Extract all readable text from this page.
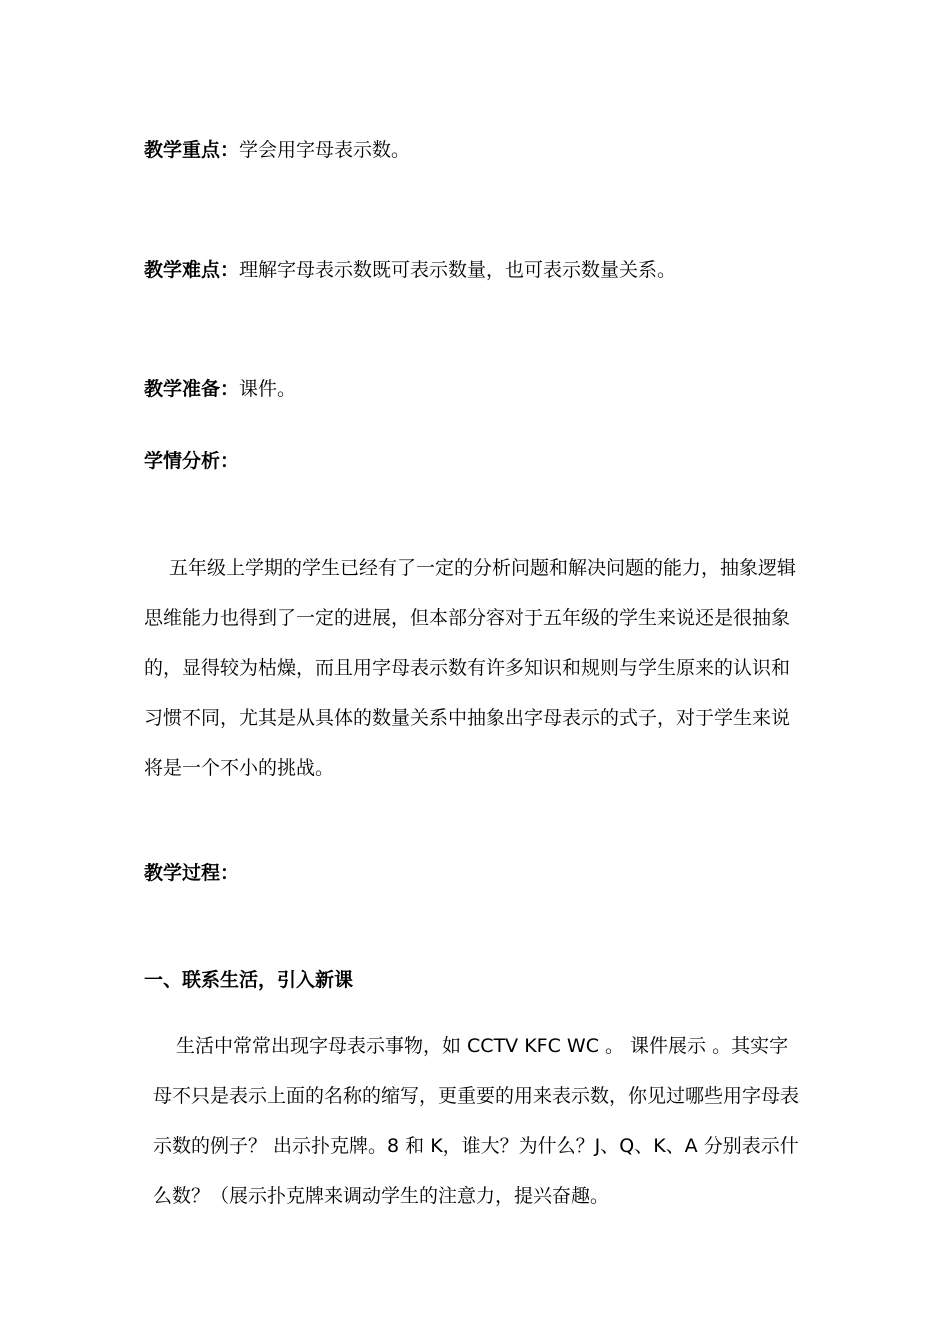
教学重点：学会用字母表示数。
教学难点：理解字母表示数既可表示数量，也可表示数量关系。
教学准备：课件。
学情分析：
五年级上学期的学生已经有了一定的分析问题和解决问题的能力，抽象逻辑
思维能力也得到了一定的进展，但本部分容对于五年级的学生来说还是很抽象
的，显得较为枯燥，而且用字母表示数有许多知识和规则与学生原来的认识和
习惯不同，尤其是从具体的数量关系中抽象出字母表示的式子，对于学生来说
将是一个不小的挑战。
教学过程：
一、联系生活，引入新课
生活中常常出现字母表示事物，如 CCTV KFC WC 。 课件展示 。其实字
母不只是表示上面的名称的缩写，更重要的用来表示数，你见过哪些用字母表
示数的例子？ 出示扑克牌。8 和 K，谁大？为什么？J、Q、K、A 分别表示什
么数？（展示扑克牌来调动学生的注意力，提兴奋趣。
